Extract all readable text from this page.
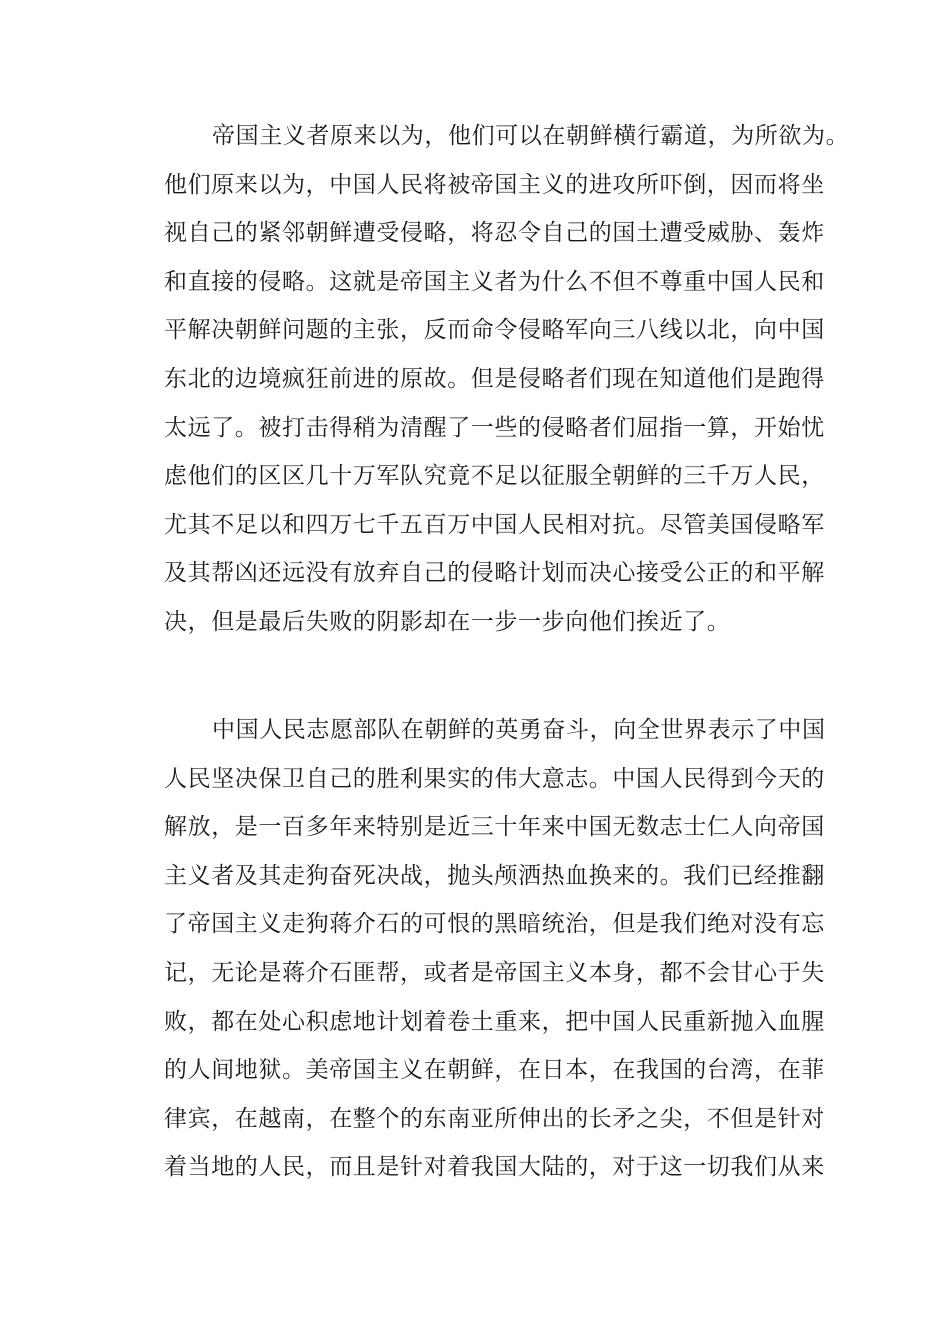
帝国主义者原来以为，他们可以在朝鲜横行霸道，为所欲为。
他们原来以为，中国人民将被帝国主义的进攻所吓倒，因而将坐
视自己的紧邻朝鲜遭受侵略，将忍令自己的国土遭受威胁、轰炸
和直接的侵略。这就是帝国主义者为什么不但不尊重中国人民和
平解决朝鲜问题的主张，反而命令侵略军向三八线以北，向中国
东北的边境疯狂前进的原故。但是侵略者们现在知道他们是跑得
太远了。被打击得稍为清醒了一些的侵略者们屈指一算，开始忧
虑他们的区区几十万军队究竟不足以征服全朝鲜的三千万人民，
尤其不足以和四万七千五百万中国人民相对抗。尽管美国侵略军
及其帮凶还远没有放弃自己的侵略计划而决心接受公正的和平解
决，但是最后失败的阴影却在一步一步向他们挨近了。
中国人民志愿部队在朝鲜的英勇奋斗，向全世界表示了中国
人民坚决保卫自己的胜利果实的伟大意志。中国人民得到今天的
解放，是一百多年来特别是近三十年来中国无数志士仁人向帝国
主义者及其走狗奋死决战，抛头颅洒热血换来的。我们已经推翻
了帝国主义走狗蒋介石的可恨的黑暗统治，但是我们绝对没有忘
记，无论是蒋介石匪帮，或者是帝国主义本身，都不会甘心于失
败，都在处心积虑地计划着卷土重来，把中国人民重新抛入血腥
的人间地狱。美帝国主义在朝鲜，在日本，在我国的台湾，在菲
律宾，在越南，在整个的东南亚所伸出的长矛之尖，不但是针对
着当地的人民，而且是针对着我国大陆的，对于这一切我们从来
